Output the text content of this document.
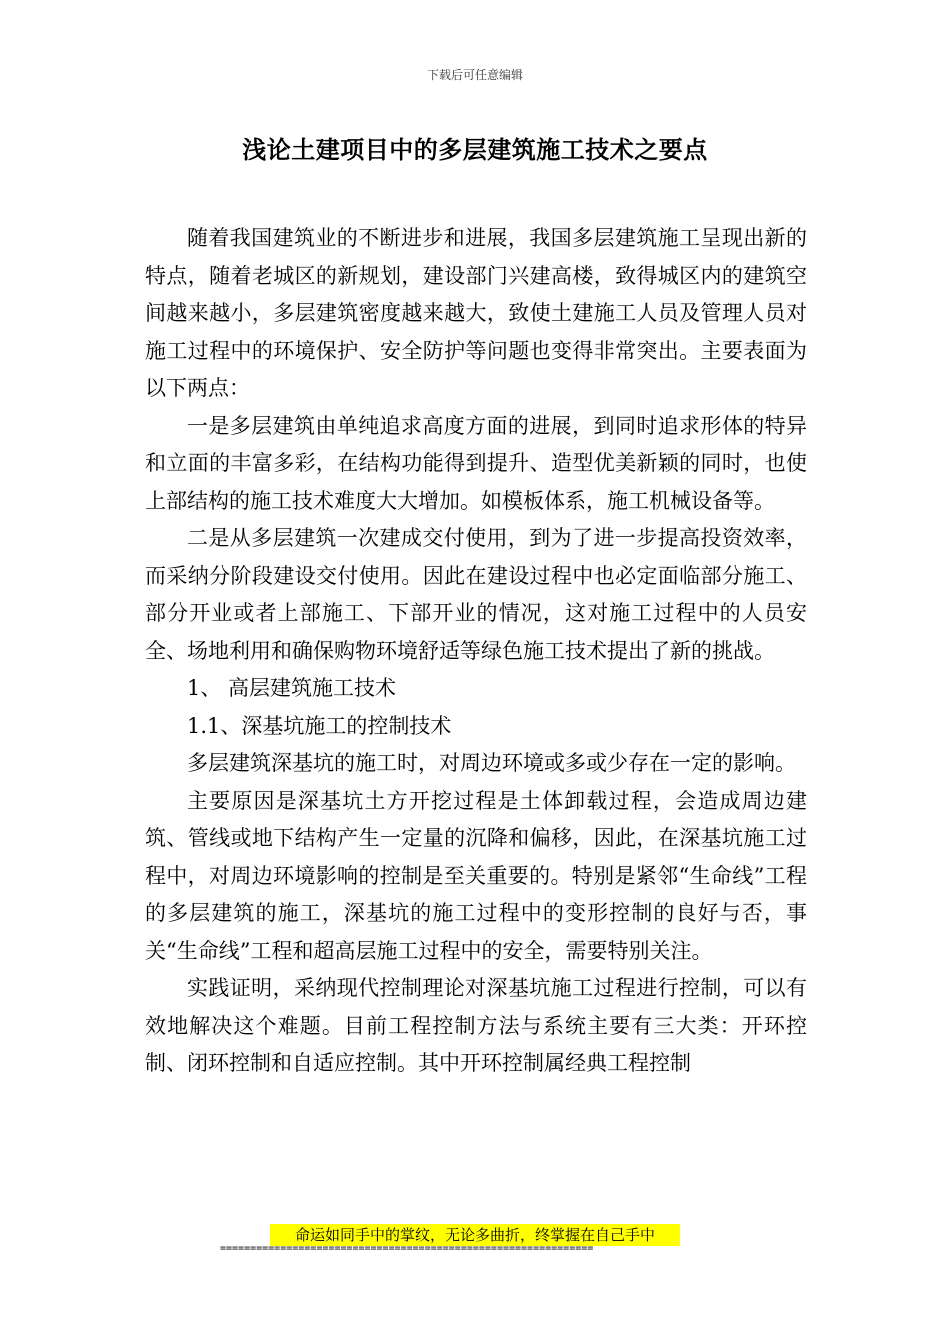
下载后可任意编辑
浅论土建项目中的多层建筑施工技术之要点

随着我国建筑业的不断进步和进展，我国多层建筑施工呈现出新的特点，随着老城区的新规划，建设部门兴建高楼，致得城区内的建筑空间越来越小，多层建筑密度越来越大，致使土建施工人员及管理人员对施工过程中的环境保护、安全防护等问题也变得非常突出。主要表面为以下两点：

一是多层建筑由单纯追求高度方面的进展，到同时追求形体的特异和立面的丰富多彩，在结构功能得到提升、造型优美新颖的同时，也使上部结构的施工技术难度大大增加。如模板体系，施工机械设备等。

二是从多层建筑一次建成交付使用，到为了进一步提高投资效率，而采纳分阶段建设交付使用。因此在建设过程中也必定面临部分施工、部分开业或者上部施工、下部开业的情况，这对施工过程中的人员安全、场地利用和确保购物环境舒适等绿色施工技术提出了新的挑战。

1、 高层建筑施工技术

1.1、深基坑施工的控制技术

多层建筑深基坑的施工时，对周边环境或多或少存在一定的影响。

主要原因是深基坑土方开挖过程是土体卸载过程，会造成周边建筑、管线或地下结构产生一定量的沉降和偏移，因此，在深基坑施工过程中，对周边环境影响的控制是至关重要的。特别是紧邻“生命线”工程的多层建筑的施工，深基坑的施工过程中的变形控制的良好与否，事关“生命线”工程和超高层施工过程中的安全，需要特别关注。

实践证明，采纳现代控制理论对深基坑施工过程进行控制，可以有效地解决这个难题。目前工程控制方法与系统主要有三大类：开环控制、闭环控制和自适应控制。其中开环控制属经典工程控制

命运如同手中的掌纹，无论多曲折，终掌握在自己手中
==============================================================
